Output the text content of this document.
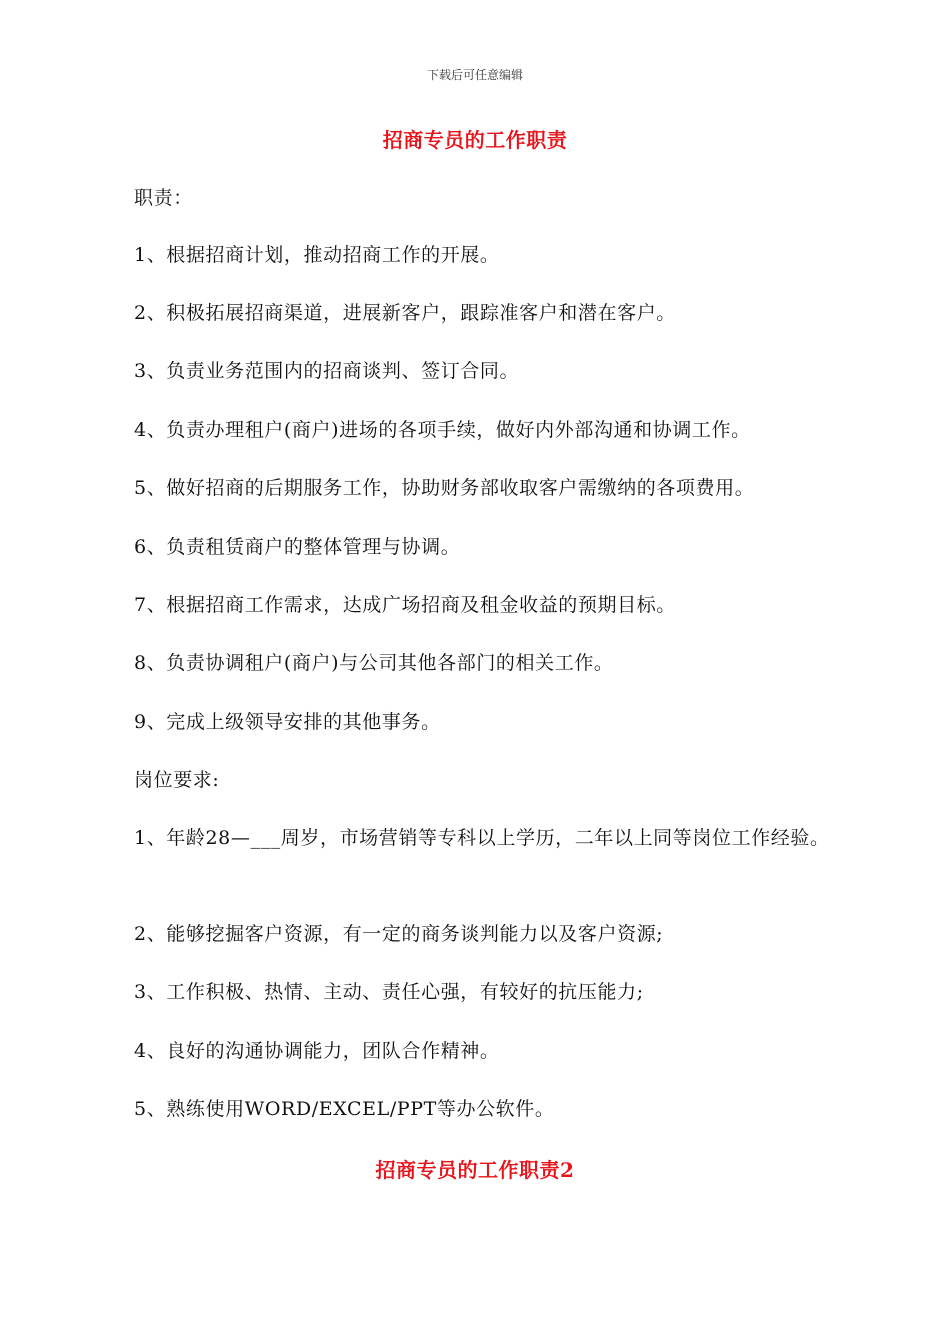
下载后可任意编辑
招商专员的工作职责
职责：
1、根据招商计划，推动招商工作的开展。
2、积极拓展招商渠道，进展新客户，跟踪准客户和潜在客户。
3、负责业务范围内的招商谈判、签订合同。
4、负责办理租户(商户)进场的各项手续，做好内外部沟通和协调工作。
5、做好招商的后期服务工作，协助财务部收取客户需缴纳的各项费用。
6、负责租赁商户的整体管理与协调。
7、根据招商工作需求，达成广场招商及租金收益的预期目标。
8、负责协调租户(商户)与公司其他各部门的相关工作。
9、完成上级领导安排的其他事务。
岗位要求:
1、年龄28—___周岁，市场营销等专科以上学历，二年以上同等岗位工作经验。
2、能够挖掘客户资源，有一定的商务谈判能力以及客户资源;
3、工作积极、热情、主动、责任心强，有较好的抗压能力;
4、良好的沟通协调能力，团队合作精神。
5、熟练使用WORD/EXCEL/PPT等办公软件。
招商专员的工作职责2
